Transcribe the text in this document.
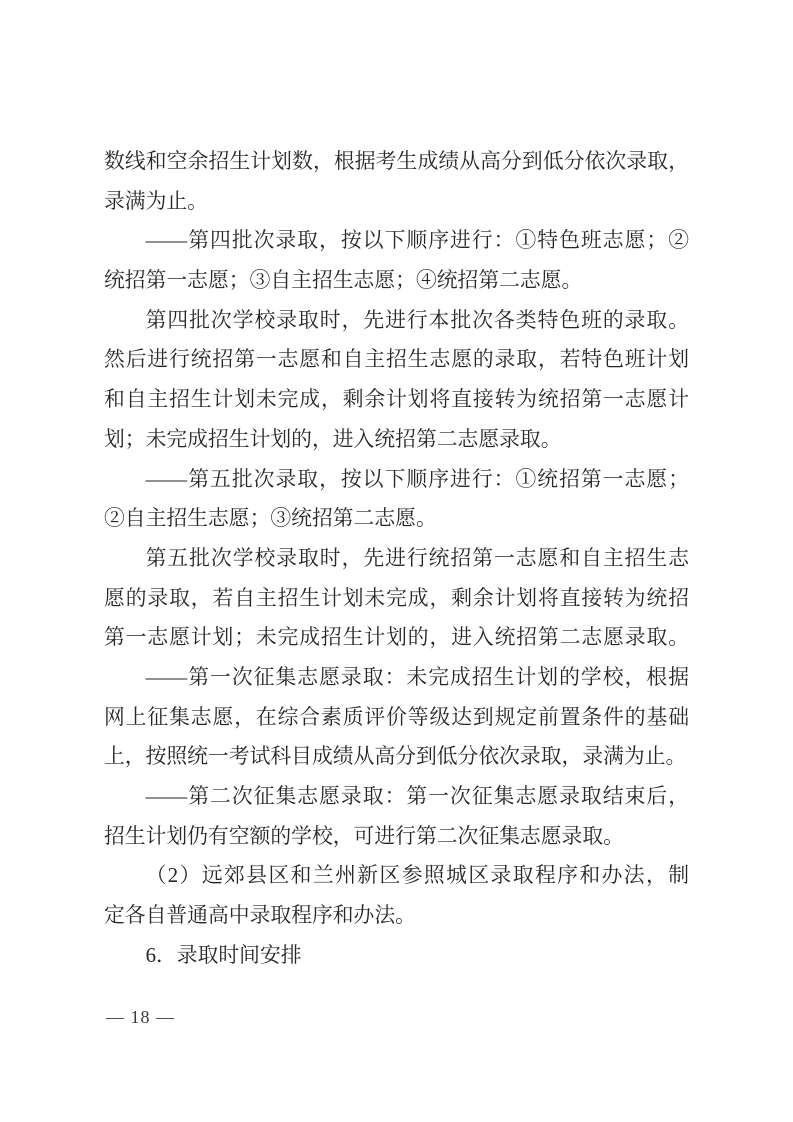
数线和空余招生计划数，根据考生成绩从高分到低分依次录取，
录满为止。
——第四批次录取，按以下顺序进行：①特色班志愿；②
统招第一志愿；③自主招生志愿；④统招第二志愿。
第四批次学校录取时，先进行本批次各类特色班的录取。
然后进行统招第一志愿和自主招生志愿的录取，若特色班计划
和自主招生计划未完成，剩余计划将直接转为统招第一志愿计
划；未完成招生计划的，进入统招第二志愿录取。
——第五批次录取，按以下顺序进行：①统招第一志愿；
②自主招生志愿；③统招第二志愿。
第五批次学校录取时，先进行统招第一志愿和自主招生志
愿的录取，若自主招生计划未完成，剩余计划将直接转为统招
第一志愿计划；未完成招生计划的，进入统招第二志愿录取。
——第一次征集志愿录取：未完成招生计划的学校，根据
网上征集志愿，在综合素质评价等级达到规定前置条件的基础
上，按照统一考试科目成绩从高分到低分依次录取，录满为止。
——第二次征集志愿录取：第一次征集志愿录取结束后，
招生计划仍有空额的学校，可进行第二次征集志愿录取。
（2）远郊县区和兰州新区参照城区录取程序和办法，制
定各自普通高中录取程序和办法。
6．录取时间安排
— 18 —
